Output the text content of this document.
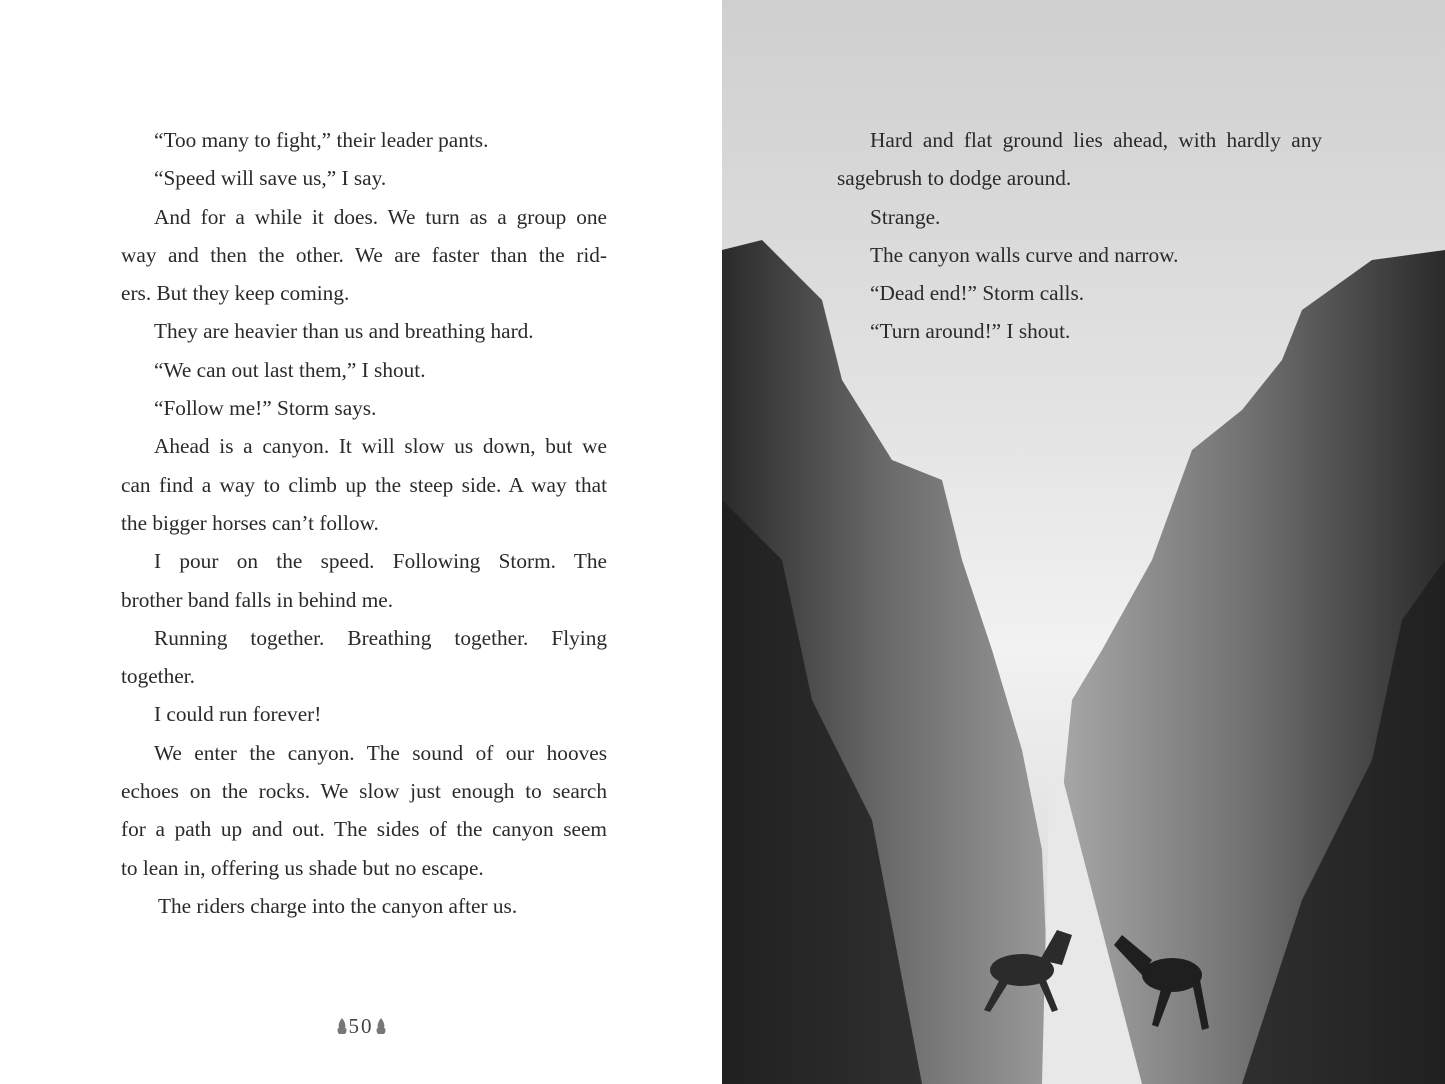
“Too many to fight,” their leader pants.
“Speed will save us,” I say.
And for a while it does. We turn as a group one
way and then the other. We are faster than the rid-
ers. But they keep coming.
They are heavier than us and breathing hard.
“We can out last them,” I shout.
“Follow me!” Storm says.
Ahead is a canyon. It will slow us down, but we
can find a way to climb up the steep side. A way that
the bigger horses can’t follow.
I pour on the speed. Following Storm. The
brother band falls in behind me.
Running together. Breathing together. Flying
together.
I could run forever!
We enter the canyon. The sound of our hooves
echoes on the rocks. We slow just enough to search
for a path up and out. The sides of the canyon seem
to lean in, offering us shade but no escape.
The riders charge into the canyon after us.
50
Hard and flat ground lies ahead, with hardly any
sagebrush to dodge around.
Strange.
The canyon walls curve and narrow.
“Dead end!” Storm calls.
“Turn around!” I shout.
